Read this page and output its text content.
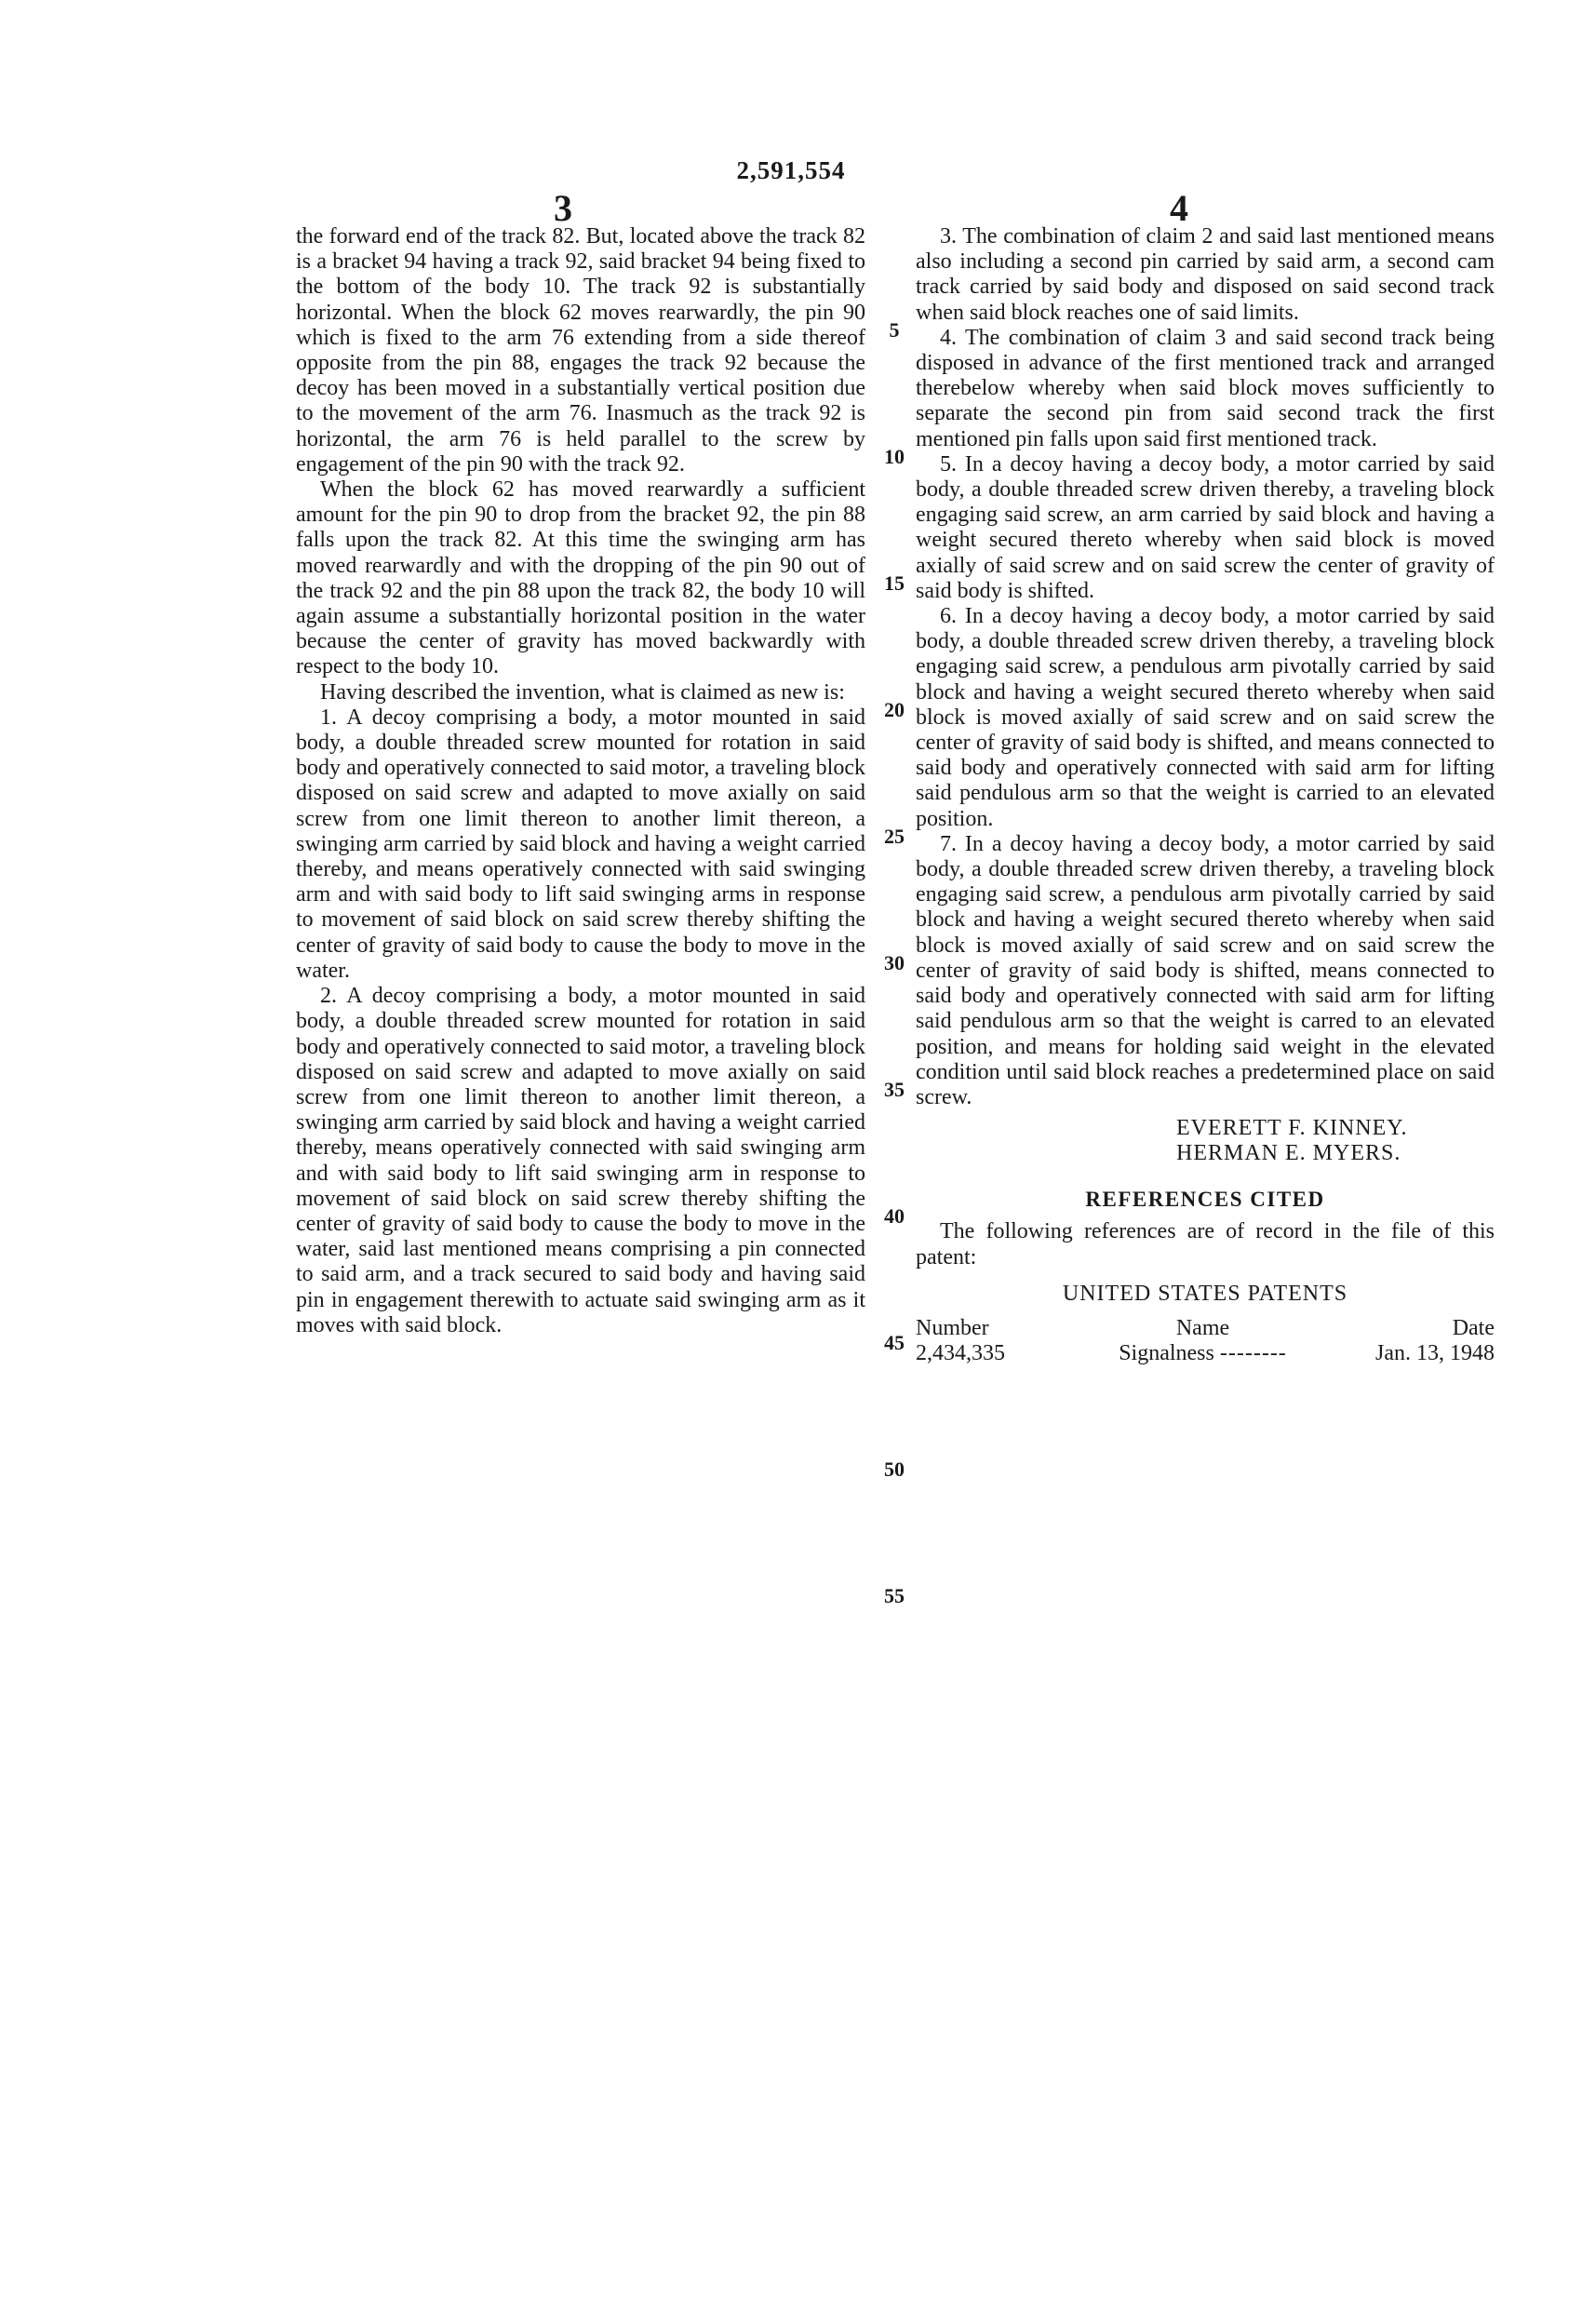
2,591,554
3	4

the forward end of the track 82. But, located above the track 82 is a bracket 94 having a track 92, said bracket 94 being fixed to the bottom of the body 10. The track 92 is substantially horizontal. When the block 62 moves rearwardly, the pin 90 which is fixed to the arm 76 extending from a side thereof opposite from the pin 88, engages the track 92 because the decoy has been moved in a substantially vertical position due to the movement of the arm 76. Inasmuch as the track 92 is horizontal, the arm 76 is held parallel to the screw by engagement of the pin 90 with the track 92.

When the block 62 has moved rearwardly a sufficient amount for the pin 90 to drop from the bracket 92, the pin 88 falls upon the track 82. At this time the swinging arm has moved rearwardly and with the dropping of the pin 90 out of the track 92 and the pin 88 upon the track 82, the body 10 will again assume a substantially horizontal position in the water because the center of gravity has moved backwardly with respect to the body 10.

Having described the invention, what is claimed as new is:

1. A decoy comprising a body, a motor mounted in said body, a double threaded screw mounted for rotation in said body and operatively connected to said motor, a traveling block disposed on said screw and adapted to move axially on said screw from one limit thereon to another limit thereon, a swinging arm carried by said block and having a weight carried thereby, and means operatively connected with said swinging arm and with said body to lift said swinging arms in response to movement of said block on said screw thereby shifting the center of gravity of said body to cause the body to move in the water.

2. A decoy comprising a body, a motor mounted in said body, a double threaded screw mounted for rotation in said body and operatively connected to said motor, a traveling block disposed on said screw and adapted to move axially on said screw from one limit thereon to another limit thereon, a swinging arm carried by said block and having a weight carried thereby, means operatively connected with said swinging arm and with said body to lift said swinging arm in response to movement of said block on said screw thereby shifting the center of gravity of said body to cause the body to move in the water, said last mentioned means comprising a pin connected to said arm, and a track secured to said body and having said pin in engagement therewith to actuate said swinging arm as it moves with said block.

5
10
15
20
25
30
35
40
45
50
55

3. The combination of claim 2 and said last mentioned means also including a second pin carried by said arm, a second cam track carried by said body and disposed on said second track when said block reaches one of said limits.

4. The combination of claim 3 and said second track being disposed in advance of the first mentioned track and arranged therebelow whereby when said block moves sufficiently to separate the second pin from said second track the first mentioned pin falls upon said first mentioned track.

5. In a decoy having a decoy body, a motor carried by said body, a double threaded screw driven thereby, a traveling block engaging said screw, an arm carried by said block and having a weight secured thereto whereby when said block is moved axially of said screw and on said screw the center of gravity of said body is shifted.

6. In a decoy having a decoy body, a motor carried by said body, a double threaded screw driven thereby, a traveling block engaging said screw, a pendulous arm pivotally carried by said block and having a weight secured thereto whereby when said block is moved axially of said screw and on said screw the center of gravity of said body is shifted, and means connected to said body and operatively connected with said arm for lifting said pendulous arm so that the weight is carried to an elevated position.

7. In a decoy having a decoy body, a motor carried by said body, a double threaded screw driven thereby, a traveling block engaging said screw, a pendulous arm pivotally carried by said block and having a weight secured thereto whereby when said block is moved axially of said screw and on said screw the center of gravity of said body is shifted, means connected to said body and operatively connected with said arm for lifting said pendulous arm so that the weight is carred to an elevated position, and means for holding said weight in the elevated condition until said block reaches a predetermined place on said screw.

EVERETT F. KINNEY.
HERMAN E. MYERS.
REFERENCES CITED

The following references are of record in the file of this patent:

UNITED STATES PATENTS
Number	Name	Date
2,434,335	Signalness --------	Jan. 13, 1948
